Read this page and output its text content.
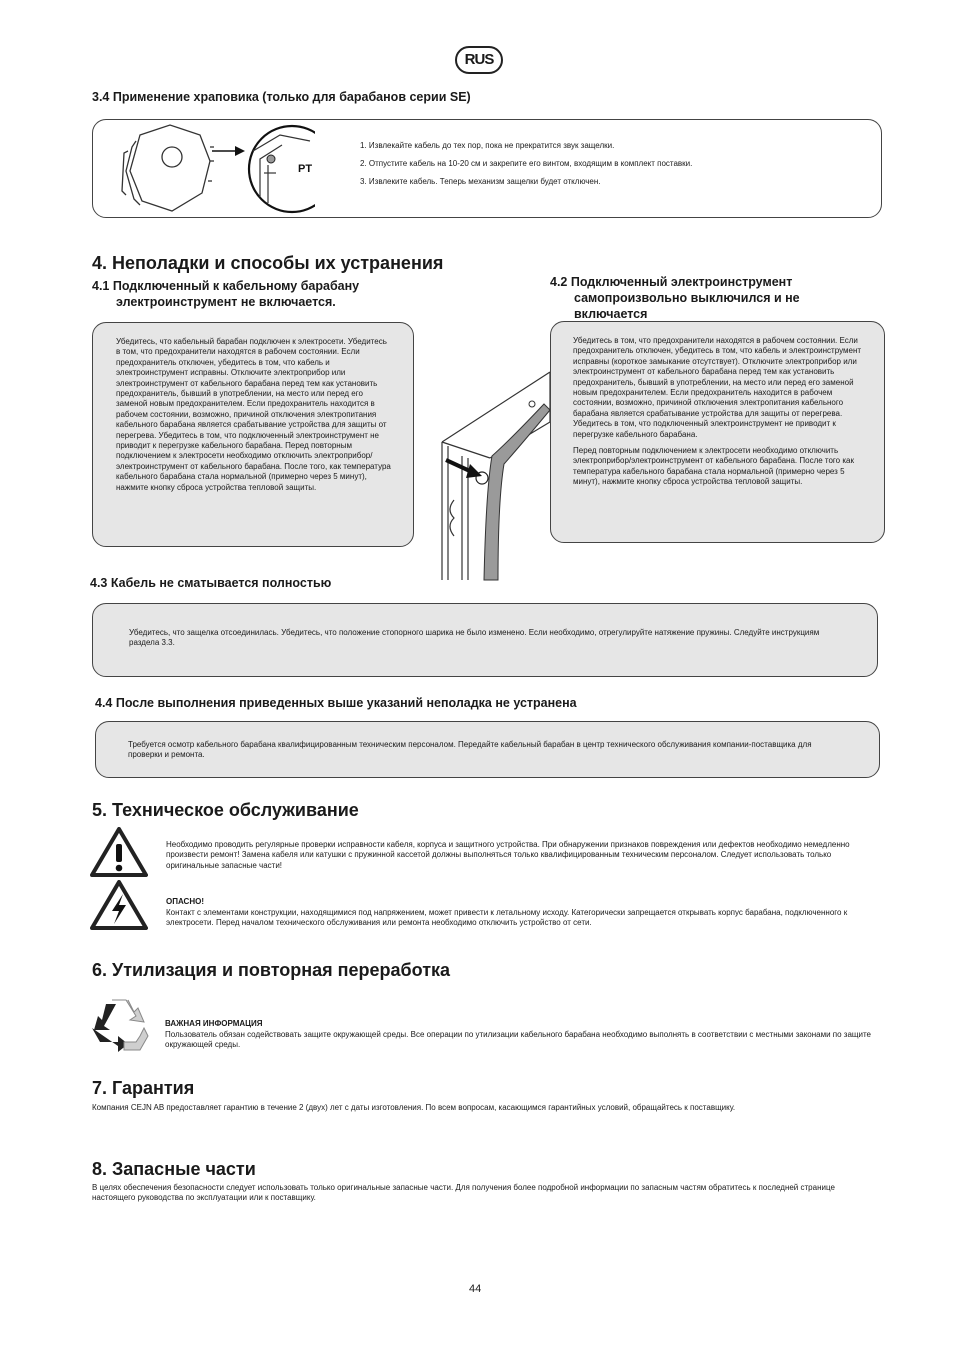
RUS
3.4 Применение храповика (только для барабанов серии SE)
PT
1. Извлекайте кабель до тех пор, пока не прекратится звук защелки.
2. Отпустите кабель на 10-20 см и закрепите его винтом, входящим в комплект поставки.
3. Извлеките кабель. Теперь механизм защелки будет отключен.
4. Неполадки и способы их устранения
4.1 Подключенный к кабельному барабану
электроинструмент не включается.

Убедитесь, что кабельный барабан подключен к электросети. Убедитесь в том, что предохранители находятся в рабочем состоянии. Если предохранитель отключен, убедитесь в том, что кабель и электроинструмент исправны. Отключите электроприбор или электроинструмент от кабельного барабана перед тем как установить предохранитель, бывший в употреблении, на место или перед его заменой новым предохранителем. Если предохранитель находится в рабочем состоянии, возможно, причиной отключения электропитания кабельного барабана является срабатывание устройства для защиты от перегрева. Убедитесь в том, что подключенный электроинструмент не приводит к перегрузке кабельного барабана. Перед повторным подключением к электросети необходимо отключить электроприбор/электроинструмент от кабельного барабана. После того, как температура кабельного барабана стала нормальной (примерно через 5 минут), нажмите кнопку сброса устройства тепловой защиты.

4.2 Подключенный электроинструмент
самопроизвольно выключился и не
включается

Убедитесь в том, что предохранители находятся в рабочем состоянии. Если предохранитель отключен, убедитесь в том, что кабель и электроинструмент исправны (короткое замыкание отсутствует). Отключите электроприбор или электроинструмент от кабельного барабана перед тем как установить предохранитель, бывший в употреблении, на место или перед его заменой новым предохранителем. Если предохранитель находится в рабочем состоянии, возможно, причиной отключения электропитания кабельного барабана является срабатывание устройства для защиты от перегрева. Убедитесь в том, что подключенный электроинструмент не приводит к перегрузке кабельного барабана.

Перед повторным подключением к электросети необходимо отключить электроприбор/электроинструмент от кабельного барабана. После того как температура кабельного барабана стала нормальной (примерно через 5 минут), нажмите кнопку сброса устройства тепловой защиты.

4.3 Кабель не сматывается полностью

Убедитесь, что защелка отсоединилась. Убедитесь, что положение стопорного шарика не было изменено. Если необходимо, отрегулируйте натяжение пружины. Следуйте инструкциям раздела 3.3.

4.4 После выполнения приведенных выше указаний неполадка не устранена

Требуется осмотр кабельного барабана квалифицированным техническим персоналом. Передайте кабельный барабан в центр технического обслуживания компании-поставщика для проверки и ремонта.

5. Техническое обслуживание
Необходимо проводить регулярные проверки исправности кабеля, корпуса и защитного устройства. При обнаружении признаков повреждения или дефектов необходимо немедленно произвести ремонт! Замена кабеля или катушки с пружинной кассетой должны выполняться только квалифицированным техническим персоналом. Следует использовать только оригинальные запасные части!
ОПАСНО!
Контакт с элементами конструкции, находящимися под напряжением, может привести к летальному исходу. Категорически запрещается открывать корпус барабана, подключенного к электросети. Перед началом технического обслуживания или ремонта необходимо отключить устройство от сети.
6. Утилизация и повторная переработка
ВАЖНАЯ ИНФОРМАЦИЯ
Пользователь обязан содействовать защите окружающей среды. Все операции по утилизации кабельного барабана необходимо выполнять в соответствии с местными законами по защите окружающей среды.
7. Гарантия
Компания CEJN AB предоставляет гарантию в течение 2 (двух) лет с даты изготовления. По всем вопросам, касающимся гарантийных условий, обращайтесь к поставщику.
8. Запасные части
В целях обеспечения безопасности следует использовать только оригинальные запасные части. Для получения более подробной информации по запасным частям обратитесь к последней странице настоящего руководства по эксплуатации или к поставщику.
44
